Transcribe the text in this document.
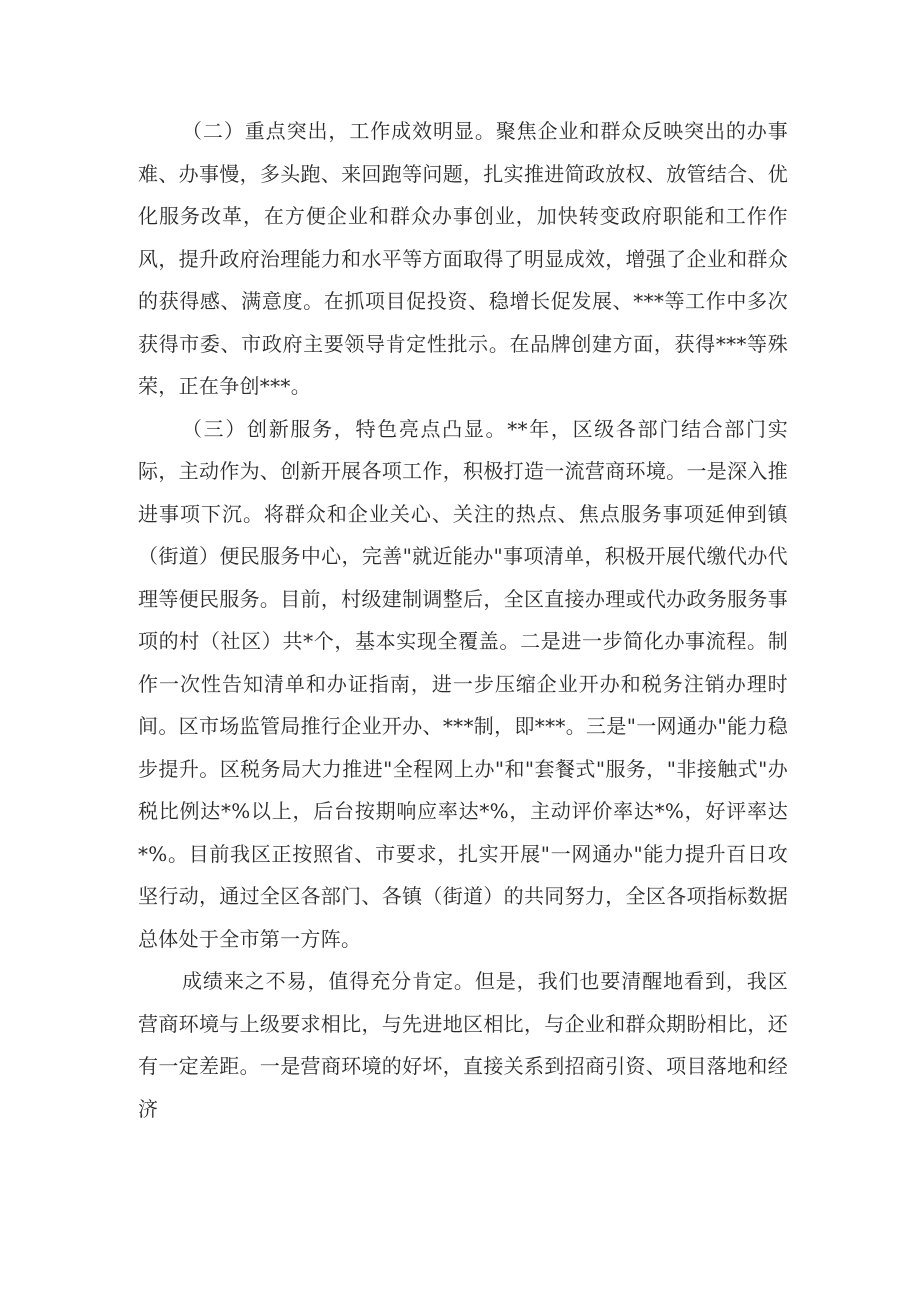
（二）重点突出，工作成效明显。聚焦企业和群众反映突出的办事难、办事慢，多头跑、来回跑等问题，扎实推进简政放权、放管结合、优化服务改革，在方便企业和群众办事创业，加快转变政府职能和工作作风，提升政府治理能力和水平等方面取得了明显成效，增强了企业和群众的获得感、满意度。在抓项目促投资、稳增长促发展、***等工作中多次获得市委、市政府主要领导肯定性批示。在品牌创建方面，获得***等殊荣，正在争创***。

（三）创新服务，特色亮点凸显。**年，区级各部门结合部门实际，主动作为、创新开展各项工作，积极打造一流营商环境。一是深入推进事项下沉。将群众和企业关心、关注的热点、焦点服务事项延伸到镇（街道）便民服务中心，完善"就近能办"事项清单，积极开展代缴代办代理等便民服务。目前，村级建制调整后，全区直接办理或代办政务服务事项的村（社区）共*个，基本实现全覆盖。二是进一步简化办事流程。制作一次性告知清单和办证指南，进一步压缩企业开办和税务注销办理时间。区市场监管局推行企业开办、***制，即***。三是"一网通办"能力稳步提升。区税务局大力推进"全程网上办"和"套餐式"服务，"非接触式"办税比例达*%以上，后台按期响应率达*%，主动评价率达*%，好评率达*%。目前我区正按照省、市要求，扎实开展"一网通办"能力提升百日攻坚行动，通过全区各部门、各镇（街道）的共同努力，全区各项指标数据总体处于全市第一方阵。

成绩来之不易，值得充分肯定。但是，我们也要清醒地看到，我区营商环境与上级要求相比，与先进地区相比，与企业和群众期盼相比，还有一定差距。一是营商环境的好坏，直接关系到招商引资、项目落地和经济
